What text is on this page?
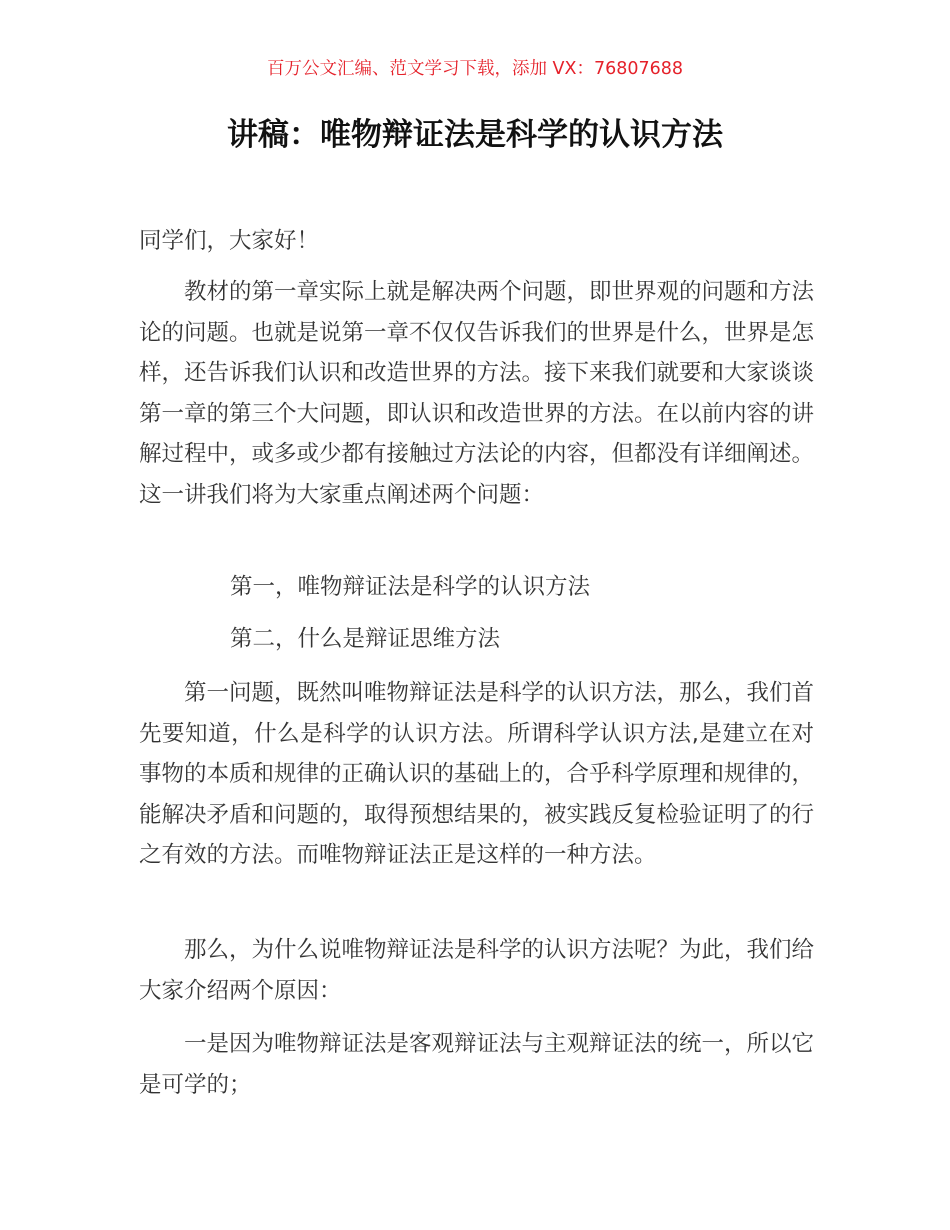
百万公文汇编、范文学习下载，添加 VX：76807688
讲稿：唯物辩证法是科学的认识方法

同学们，大家好！

教材的第一章实际上就是解决两个问题，即世界观的问题和方法论的问题。也就是说第一章不仅仅告诉我们的世界是什么，世界是怎样，还告诉我们认识和改造世界的方法。接下来我们就要和大家谈谈第一章的第三个大问题，即认识和改造世界的方法。在以前内容的讲解过程中，或多或少都有接触过方法论的内容，但都没有详细阐述。这一讲我们将为大家重点阐述两个问题：

第一，唯物辩证法是科学的认识方法

第二，什么是辩证思维方法

第一问题，既然叫唯物辩证法是科学的认识方法，那么，我们首先要知道，什么是科学的认识方法。所谓科学认识方法,是建立在对事物的本质和规律的正确认识的基础上的，合乎科学原理和规律的，能解决矛盾和问题的，取得预想结果的，被实践反复检验证明了的行之有效的方法。而唯物辩证法正是这样的一种方法。

那么，为什么说唯物辩证法是科学的认识方法呢？为此，我们给大家介绍两个原因：

一是因为唯物辩证法是客观辩证法与主观辩证法的统一，所以它是可学的；
